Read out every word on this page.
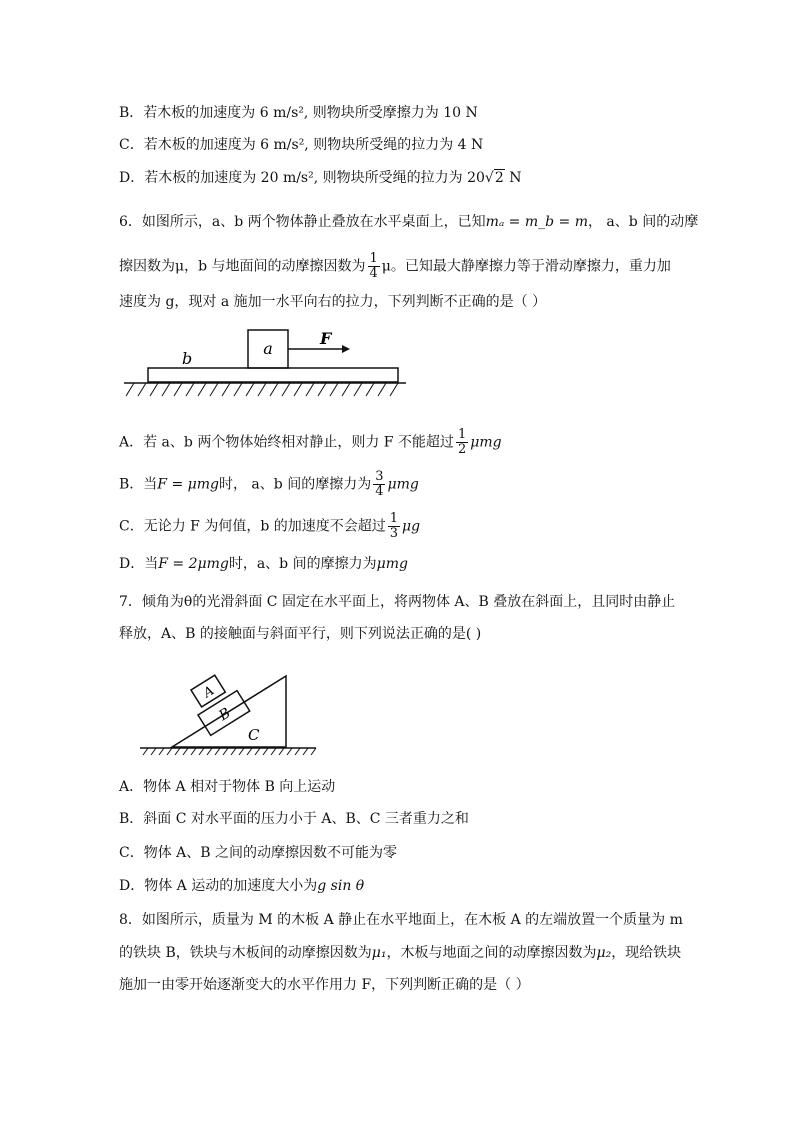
B．若木板的加速度为 6 m/s², 则物块所受摩擦力为 10 N
C．若木板的加速度为 6 m/s², 则物块所受绳的拉力为 4 N
D．若木板的加速度为 20 m/s², 则物块所受绳的拉力为 20√2 N
6．如图所示，a、b 两个物体静止叠放在水平桌面上，已知mₐ = m_b = m， a、b 间的动摩
擦因数为μ，b 与地面间的动摩擦因数为 $\frac{1}{4}$ μ。已知最大静摩擦力等于滑动摩擦力，重力加
速度为 g，现对 a 施加一水平向右的拉力，下列判断不正确的是（ ）
a
b
F
A．若 a、b 两个物体始终相对静止，则力 F 不能超过 $\frac{1}{2}$ μmg
B．当F = μmg时， a、b 间的摩擦力为 $\frac{3}{4}$ μmg
C．无论力 F 为何值，b 的加速度不会超过 $\frac{1}{3}$ μg
D．当F = 2μmg时，a、b 间的摩擦力为μmg
7．倾角为θ的光滑斜面 C 固定在水平面上，将两物体 A、B 叠放在斜面上，且同时由静止
释放，A、B 的接触面与斜面平行，则下列说法正确的是( )
B
A
C
A．物体 A 相对于物体 B 向上运动
B．斜面 C 对水平面的压力小于 A、B、C 三者重力之和
C．物体 A、B 之间的动摩擦因数不可能为零
D．物体 A 运动的加速度大小为g sin θ
8．如图所示，质量为 M 的木板 A 静止在水平地面上，在木板 A 的左端放置一个质量为 m
的铁块 B，铁块与木板间的动摩擦因数为μ₁，木板与地面之间的动摩擦因数为μ₂，现给铁块
施加一由零开始逐渐变大的水平作用力 F，下列判断正确的是（ ）
